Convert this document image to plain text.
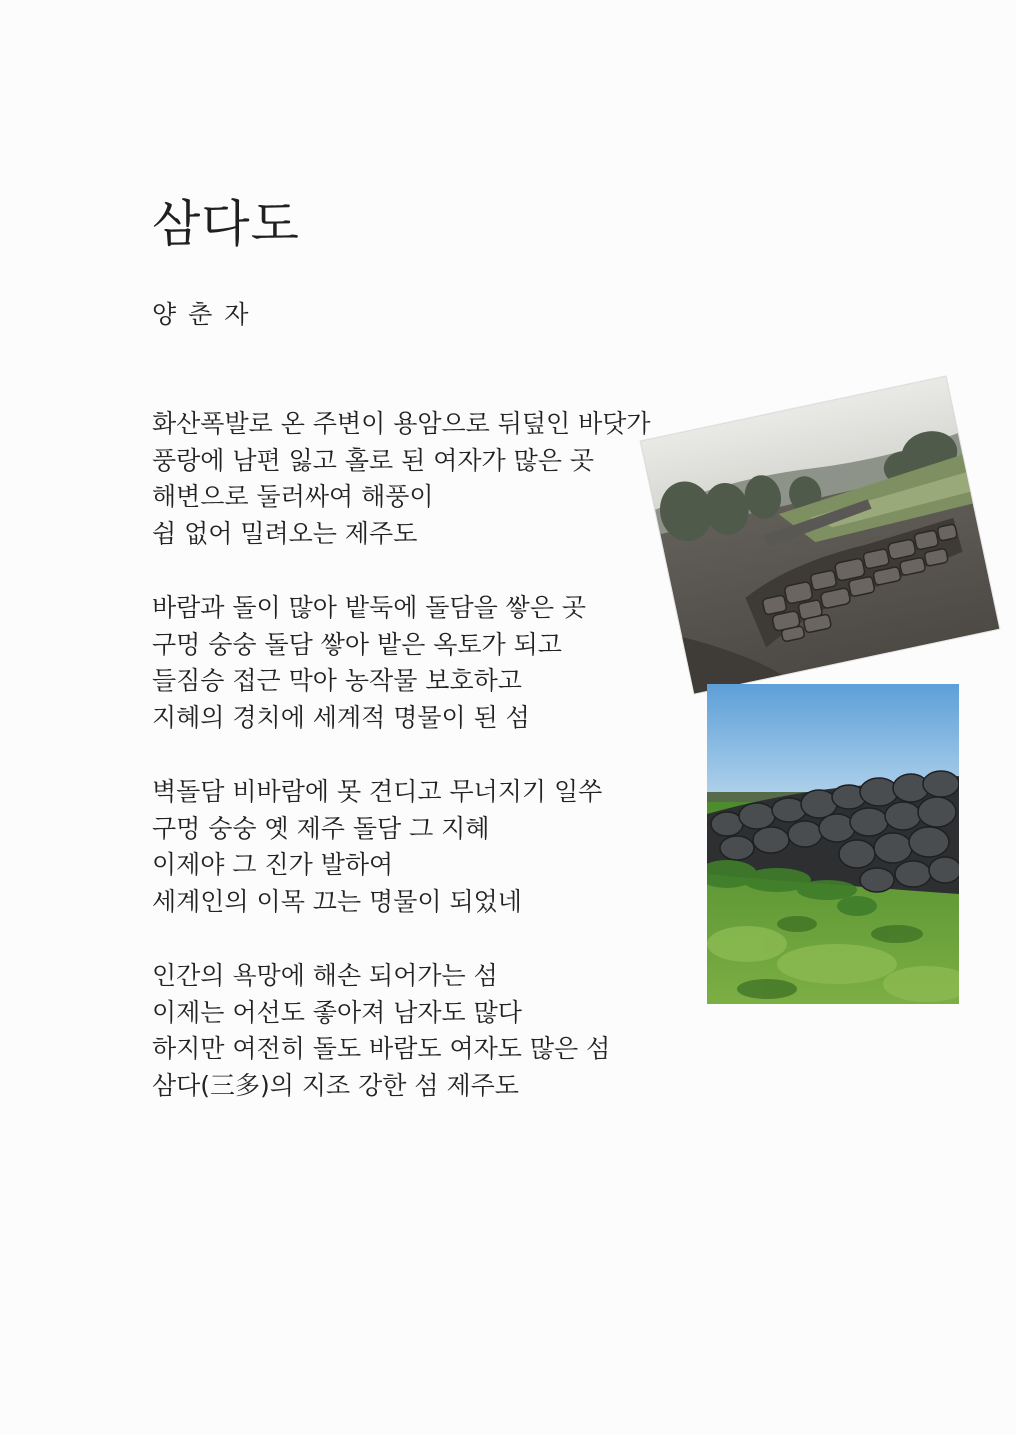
삼다도
양 춘 자
화산폭발로 온 주변이 용암으로 뒤덮인 바닷가
풍랑에 남편 잃고 홀로 된 여자가 많은 곳
해변으로 둘러싸여 해풍이
쉼 없어 밀려오는 제주도
바람과 돌이 많아 밭둑에 돌담을 쌓은 곳
구멍 숭숭 돌담 쌓아 밭은 옥토가 되고
들짐승 접근 막아 농작물 보호하고
지혜의 경치에 세계적 명물이 된 섬
벽돌담 비바람에 못 견디고 무너지기 일쑤
구멍 숭숭 옛 제주 돌담 그 지혜
이제야 그 진가 발하여
세계인의 이목 끄는 명물이 되었네
인간의 욕망에 해손 되어가는 섬
이제는 어선도 좋아져 남자도 많다
하지만 여전히 돌도 바람도 여자도 많은 섬
삼다(三多)의 지조 강한 섬 제주도
